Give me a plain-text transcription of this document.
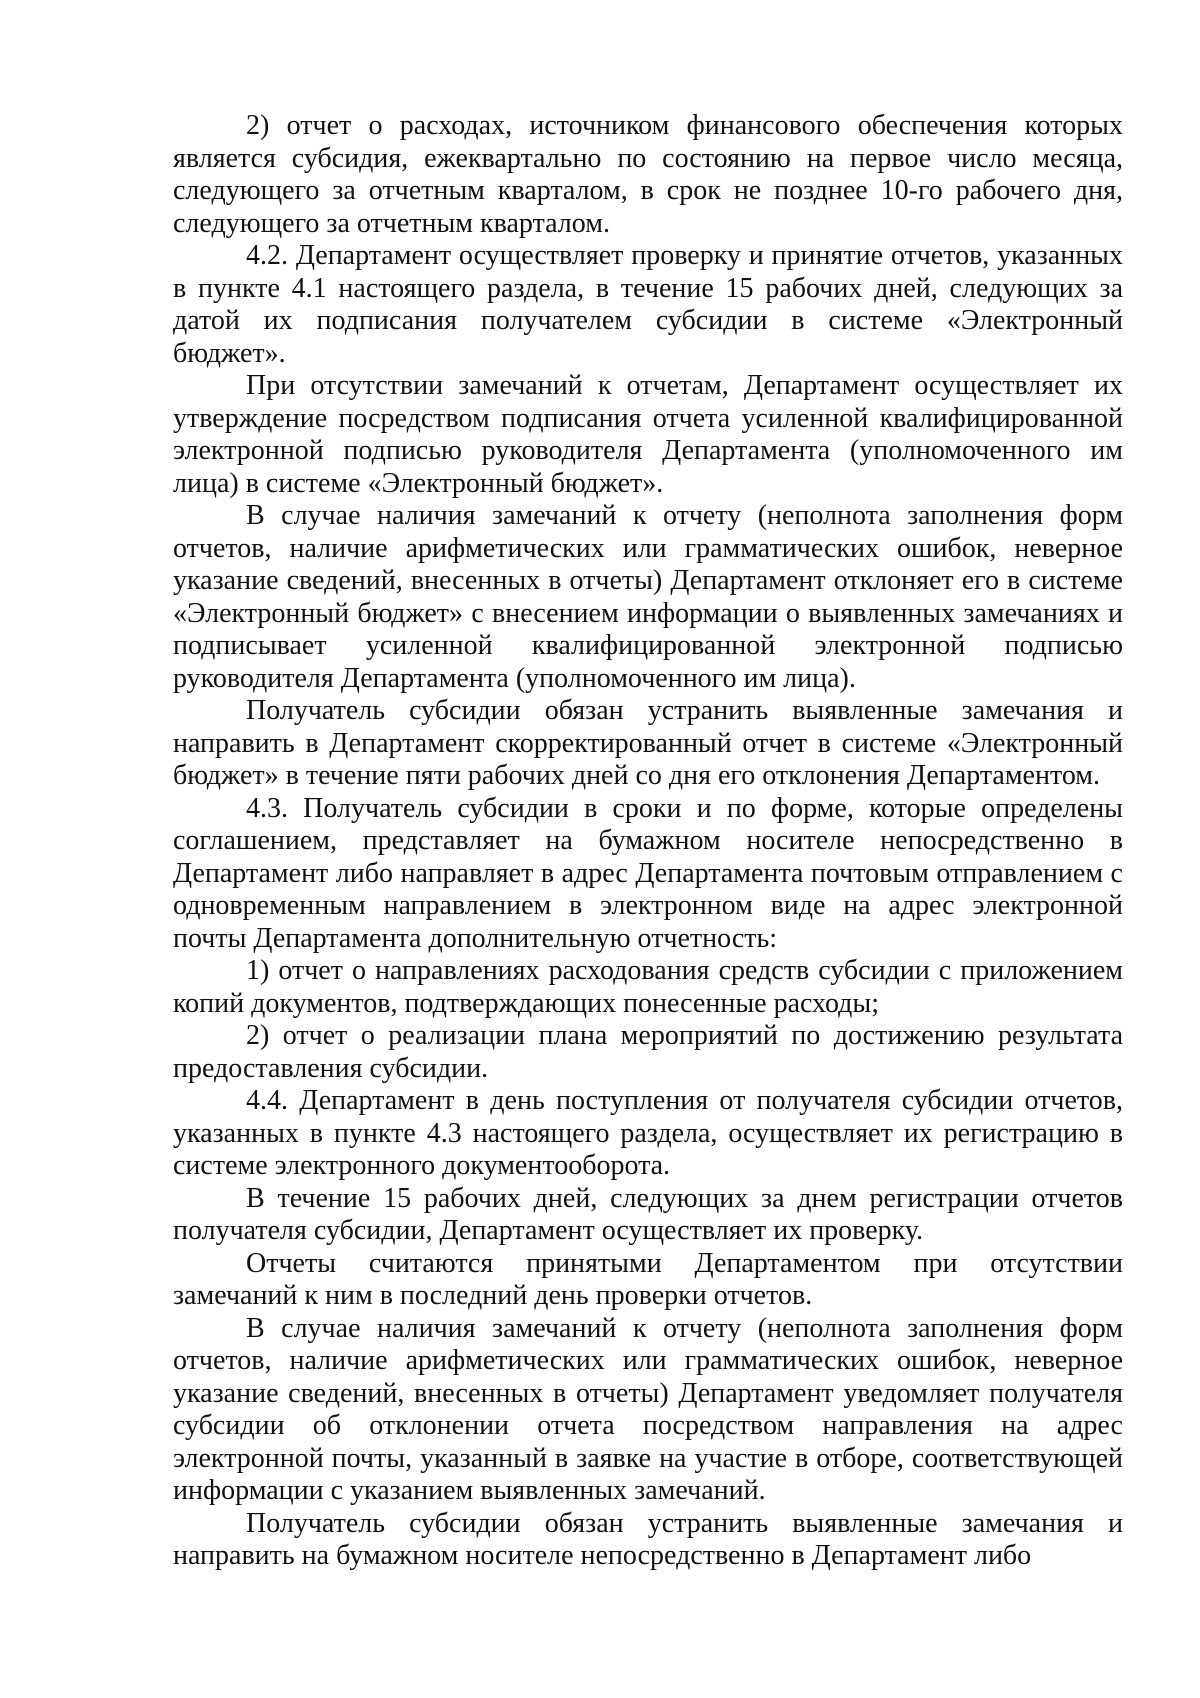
2) отчет о расходах, источником финансового обеспечения которых является субсидия, ежеквартально по состоянию на первое число месяца, следующего за отчетным кварталом, в срок не позднее 10-го рабочего дня, следующего за отчетным кварталом.

4.2. Департамент осуществляет проверку и принятие отчетов, указанных в пункте 4.1 настоящего раздела, в течение 15 рабочих дней, следующих за датой их подписания получателем субсидии в системе «Электронный бюджет».

При отсутствии замечаний к отчетам, Департамент осуществляет их утверждение посредством подписания отчета усиленной квалифицированной электронной подписью руководителя Департамента (уполномоченного им лица) в системе «Электронный бюджет».

В случае наличия замечаний к отчету (неполнота заполнения форм отчетов, наличие арифметических или грамматических ошибок, неверное указание сведений, внесенных в отчеты) Департамент отклоняет его в системе «Электронный бюджет» с внесением информации о выявленных замечаниях и подписывает усиленной квалифицированной электронной подписью руководителя Департамента (уполномоченного им лица).

Получатель субсидии обязан устранить выявленные замечания и направить в Департамент скорректированный отчет в системе «Электронный бюджет» в течение пяти рабочих дней со дня его отклонения Департаментом.

4.3. Получатель субсидии в сроки и по форме, которые определены соглашением, представляет на бумажном носителе непосредственно в Департамент либо направляет в адрес Департамента почтовым отправлением с одновременным направлением в электронном виде на адрес электронной почты Департамента дополнительную отчетность:

1) отчет о направлениях расходования средств субсидии с приложением копий документов, подтверждающих понесенные расходы;

2) отчет о реализации плана мероприятий по достижению результата предоставления субсидии.

4.4. Департамент в день поступления от получателя субсидии отчетов, указанных в пункте 4.3 настоящего раздела, осуществляет их регистрацию в системе электронного документооборота.

В течение 15 рабочих дней, следующих за днем регистрации отчетов получателя субсидии, Департамент осуществляет их проверку.

Отчеты считаются принятыми Департаментом при отсутствии замечаний к ним в последний день проверки отчетов.

В случае наличия замечаний к отчету (неполнота заполнения форм отчетов, наличие арифметических или грамматических ошибок, неверное указание сведений, внесенных в отчеты) Департамент уведомляет получателя субсидии об отклонении отчета посредством направления на адрес электронной почты, указанный в заявке на участие в отборе, соответствующей информации с указанием выявленных замечаний.

Получатель субсидии обязан устранить выявленные замечания и направить на бумажном носителе непосредственно в Департамент либо
